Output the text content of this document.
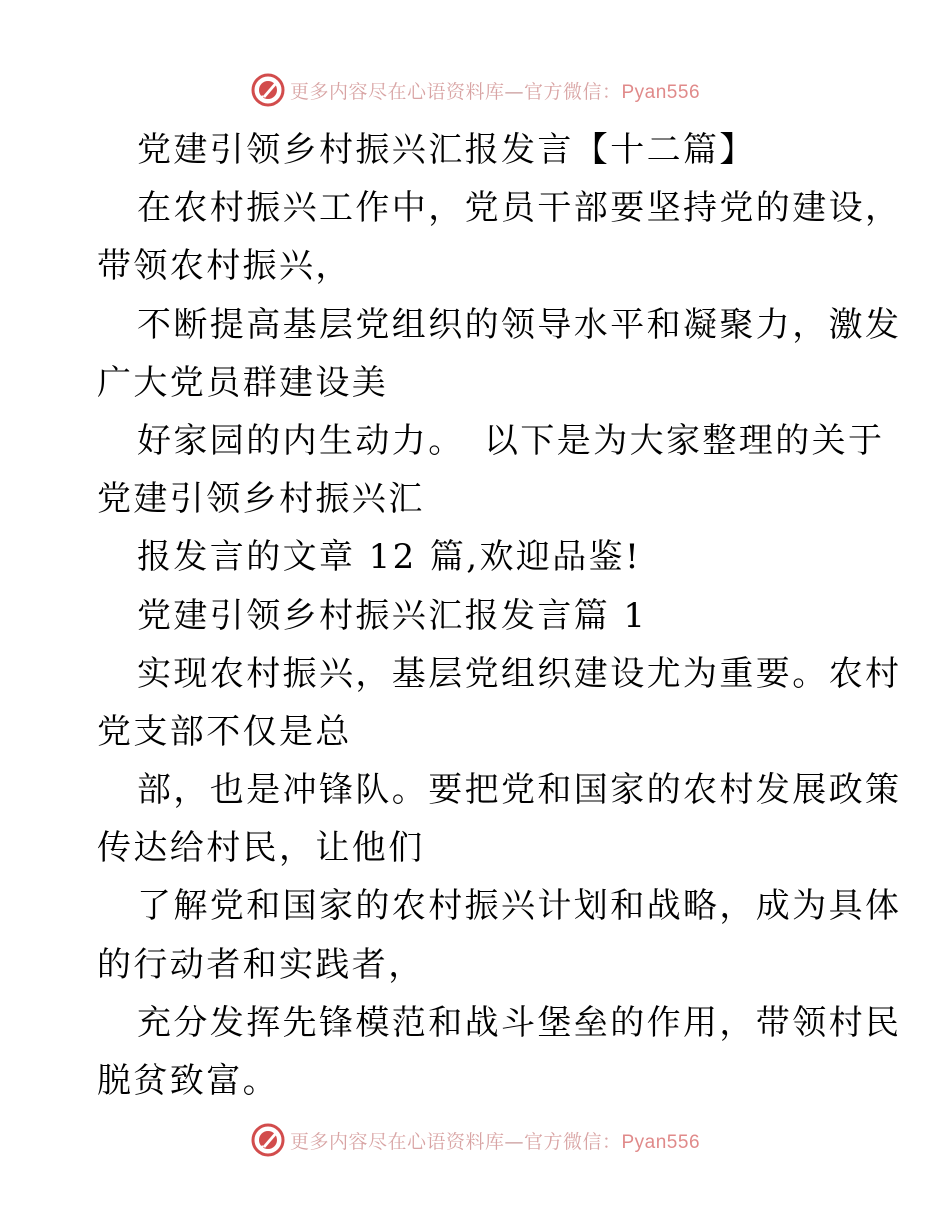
更多内容尽在心语资料库—官方微信：Pyan556
党建引领乡村振兴汇报发言【十二篇】
在农村振兴工作中，党员干部要坚持党的建设，
带领农村振兴，
不断提高基层党组织的领导水平和凝聚力，激发
广大党员群建设美
好家园的内生动力。　以下是为大家整理的关于
党建引领乡村振兴汇
报发言的文章 12 篇,欢迎品鉴!
党建引领乡村振兴汇报发言篇 1
实现农村振兴，基层党组织建设尤为重要。农村
党支部不仅是总
部，也是冲锋队。要把党和国家的农村发展政策
传达给村民，让他们
了解党和国家的农村振兴计划和战略，成为具体
的行动者和实践者，
充分发挥先锋模范和战斗堡垒的作用，带领村民
脱贫致富。
更多内容尽在心语资料库—官方微信：Pyan556
